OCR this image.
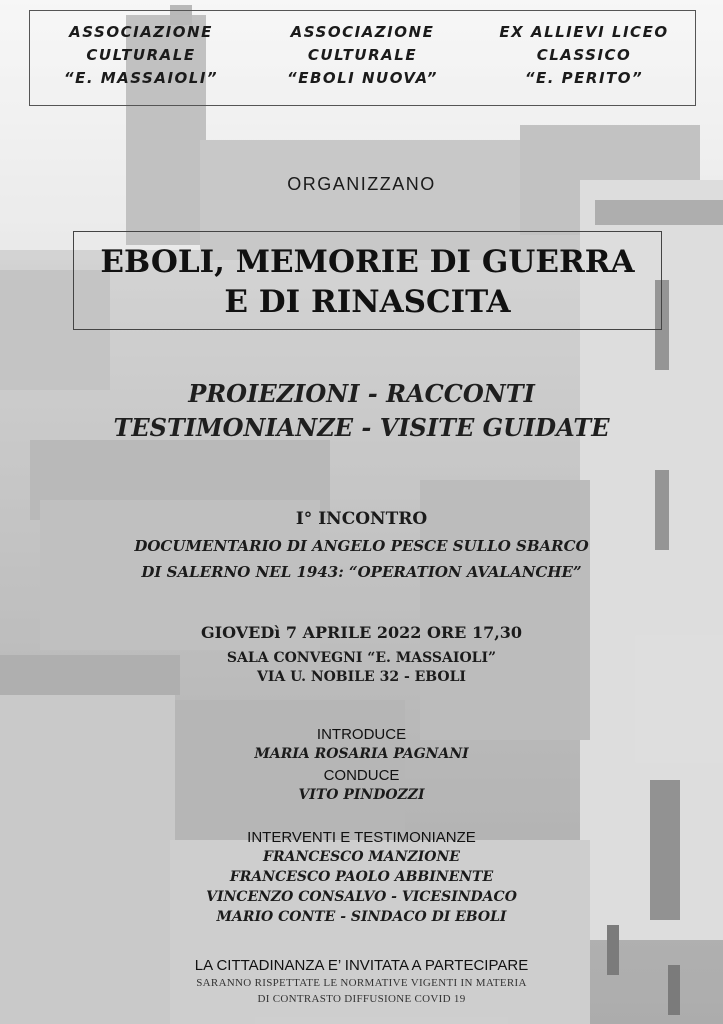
ASSOCIAZIONE
CULTURALE
“E. MASSAIOLI”
ASSOCIAZIONE
CULTURALE
“EBOLI NUOVA”
EX ALLIEVI LICEO
CLASSICO
“E. PERITO”
ORGANIZZANO
EBOLI, MEMORIE DI GUERRA
E DI RINASCITA
PROIEZIONI - RACCONTI
TESTIMONIANZE - VISITE GUIDATE
I° INCONTRO
DOCUMENTARIO DI ANGELO PESCE SULLO SBARCO
DI SALERNO NEL 1943: “OPERATION AVALANCHE”
GIOVEDì 7 APRILE 2022 ORE 17,30
SALA CONVEGNI “E. MASSAIOLI”
VIA U. NOBILE 32 - EBOLI
INTRODUCE
MARIA ROSARIA PAGNANI
CONDUCE
VITO PINDOZZI
INTERVENTI E TESTIMONIANZE
FRANCESCO MANZIONE
FRANCESCO PAOLO ABBINENTE
VINCENZO CONSALVO - VICESINDACO
MARIO CONTE - SINDACO DI EBOLI
LA CITTADINANZA E’ INVITATA A PARTECIPARE
SARANNO RISPETTATE LE NORMATIVE VIGENTI IN MATERIA
DI CONTRASTO DIFFUSIONE COVID 19
